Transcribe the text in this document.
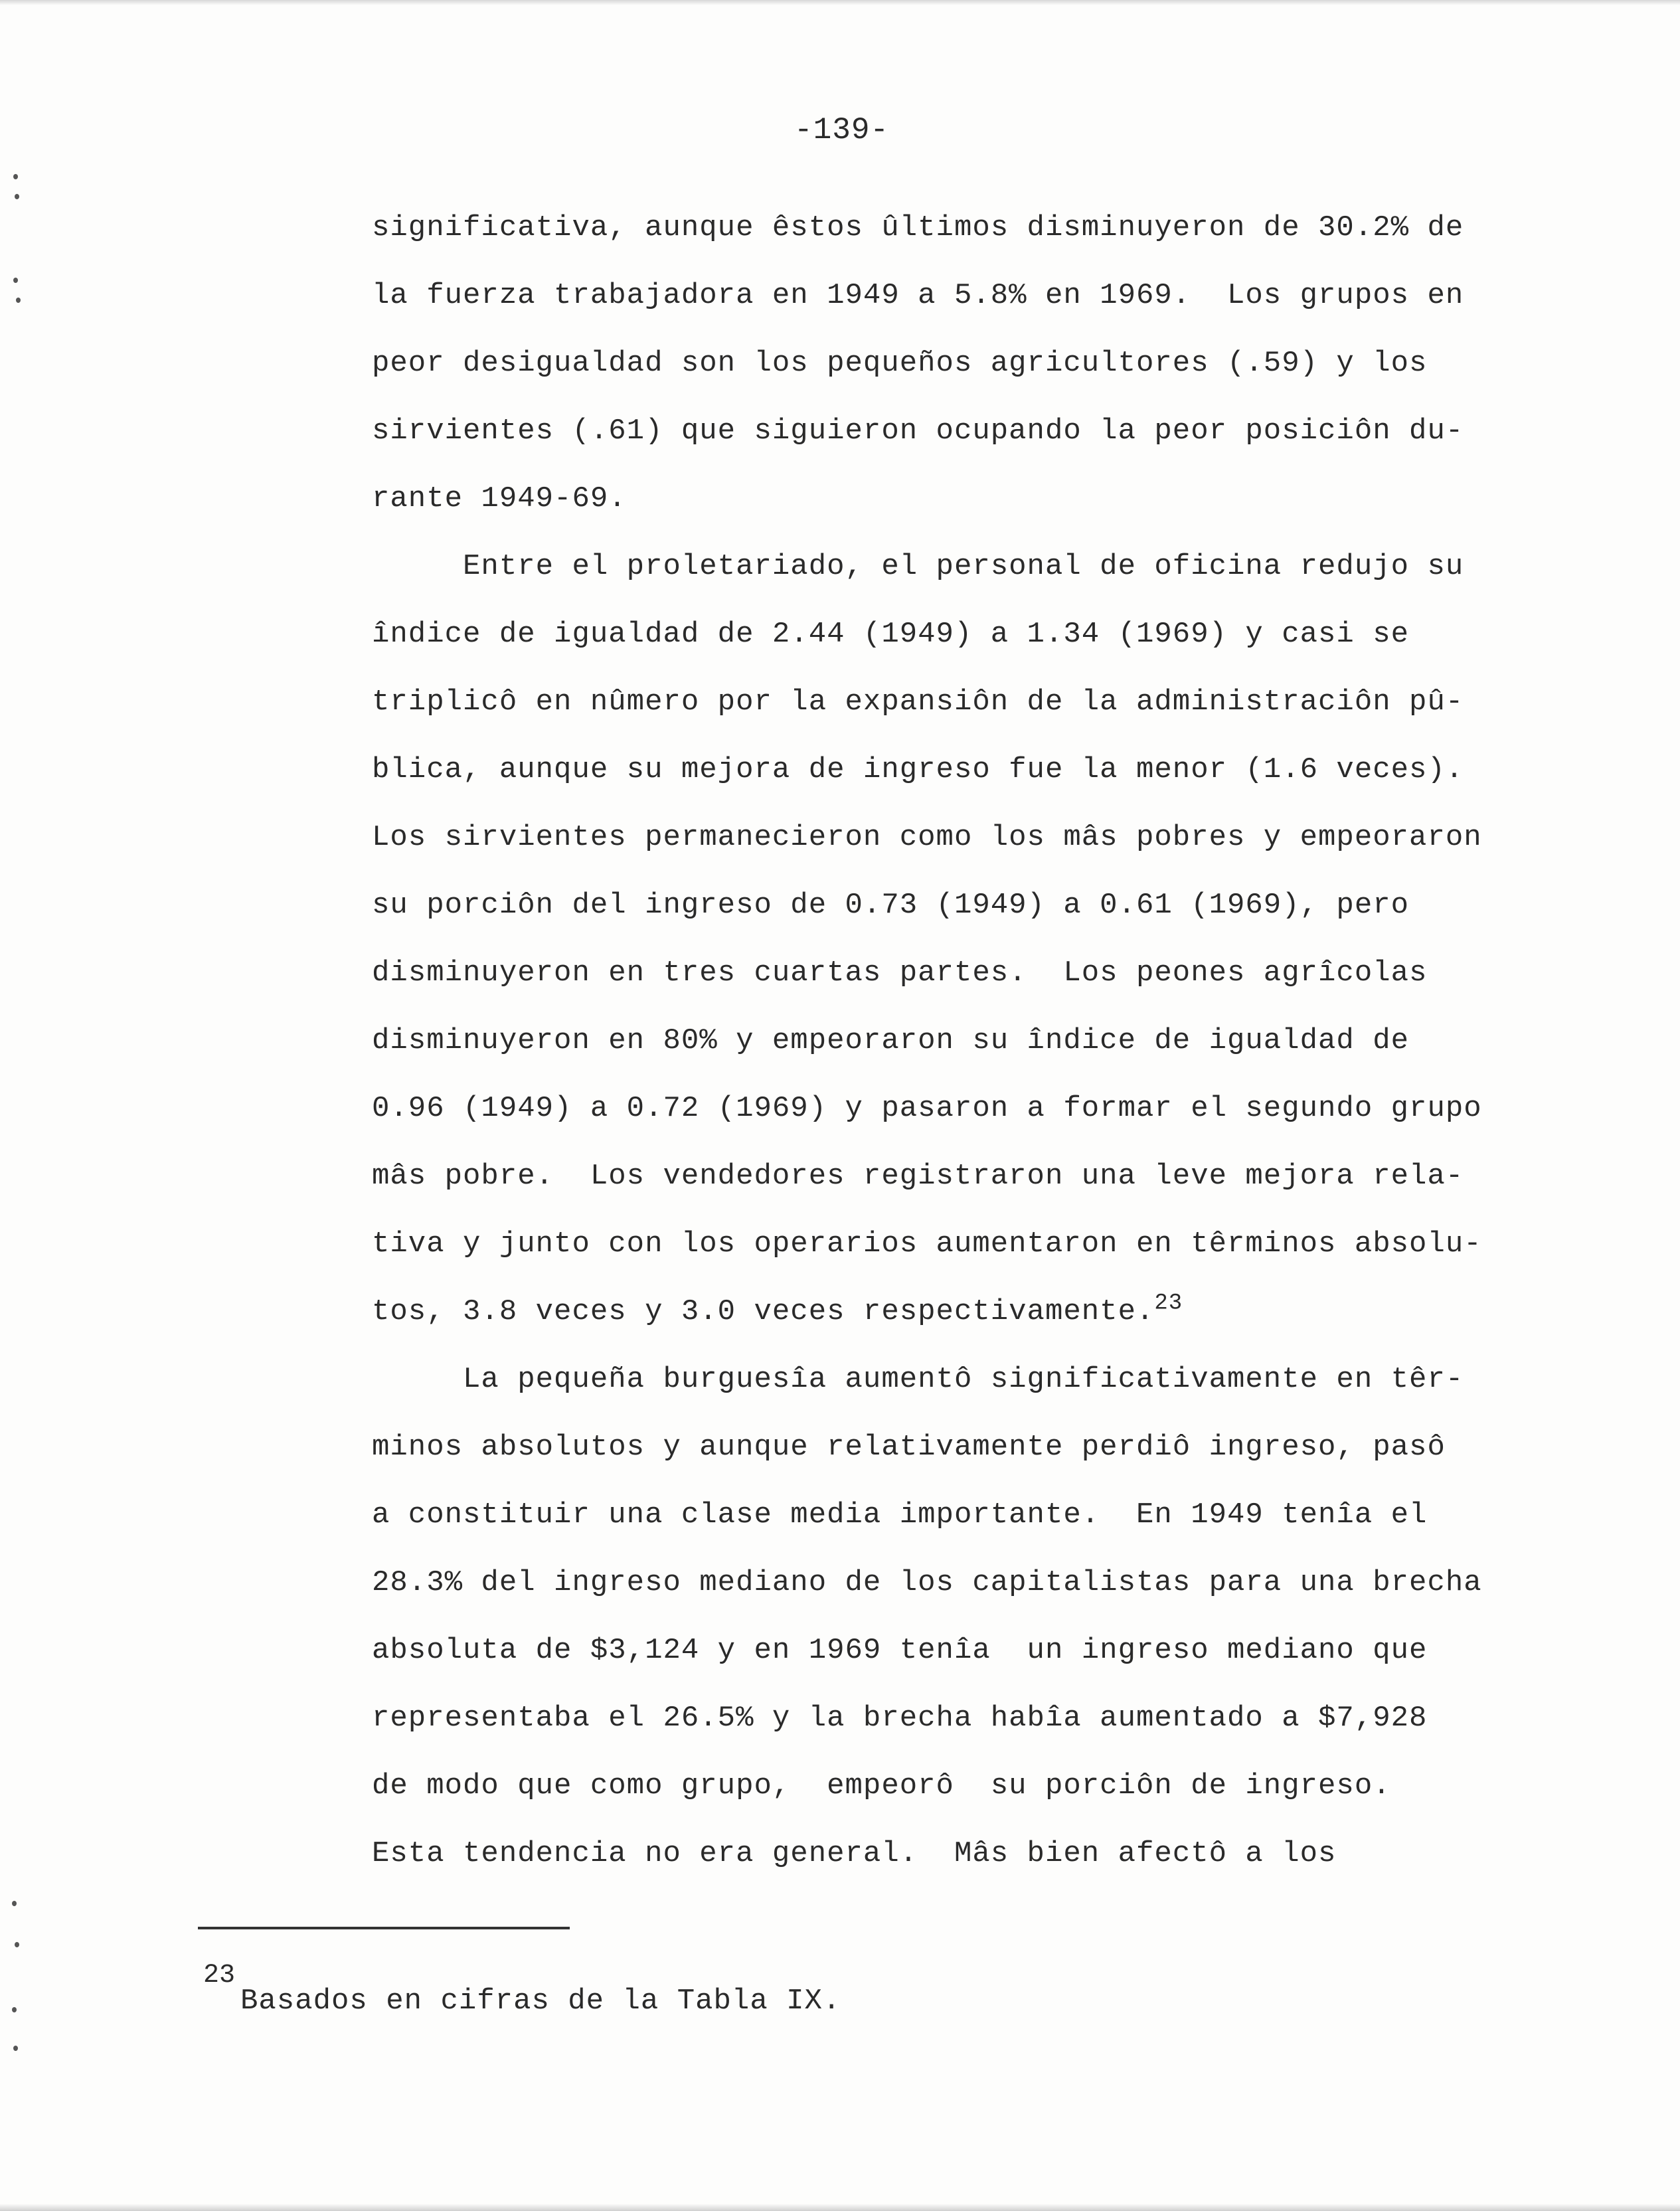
-139-
significativa, aunque êstos ûltimos disminuyeron de 30.2% de
la fuerza trabajadora en 1949 a 5.8% en 1969.  Los grupos en
peor desigualdad son los pequeños agricultores (.59) y los
sirvientes (.61) que siguieron ocupando la peor posiciôn du-
rante 1949-69.
Entre el proletariado, el personal de oficina redujo su
îndice de igualdad de 2.44 (1949) a 1.34 (1969) y casi se
triplicô en nûmero por la expansiôn de la administraciôn pû-
blica, aunque su mejora de ingreso fue la menor (1.6 veces).
Los sirvientes permanecieron como los mâs pobres y empeoraron
su porciôn del ingreso de 0.73 (1949) a 0.61 (1969), pero
disminuyeron en tres cuartas partes.  Los peones agrîcolas
disminuyeron en 80% y empeoraron su îndice de igualdad de
0.96 (1949) a 0.72 (1969) y pasaron a formar el segundo grupo
mâs pobre.  Los vendedores registraron una leve mejora rela-
tiva y junto con los operarios aumentaron en têrminos absolu-
tos, 3.8 veces y 3.0 veces respectivamente.$^{23}$
La pequeña burguesîa aumentô significativamente en têr-
minos absolutos y aunque relativamente perdiô ingreso, pasô
a constituir una clase media importante.  En 1949 tenîa el
28.3% del ingreso mediano de los capitalistas para una brecha
absoluta de $3,124 y en 1969 tenîa  un ingreso mediano que
representaba el 26.5% y la brecha habîa aumentado a $7,928
de modo que como grupo,  empeorô  su porciôn de ingreso.
Esta tendencia no era general.  Mâs bien afectô a los
23
Basados en cifras de la Tabla IX.
